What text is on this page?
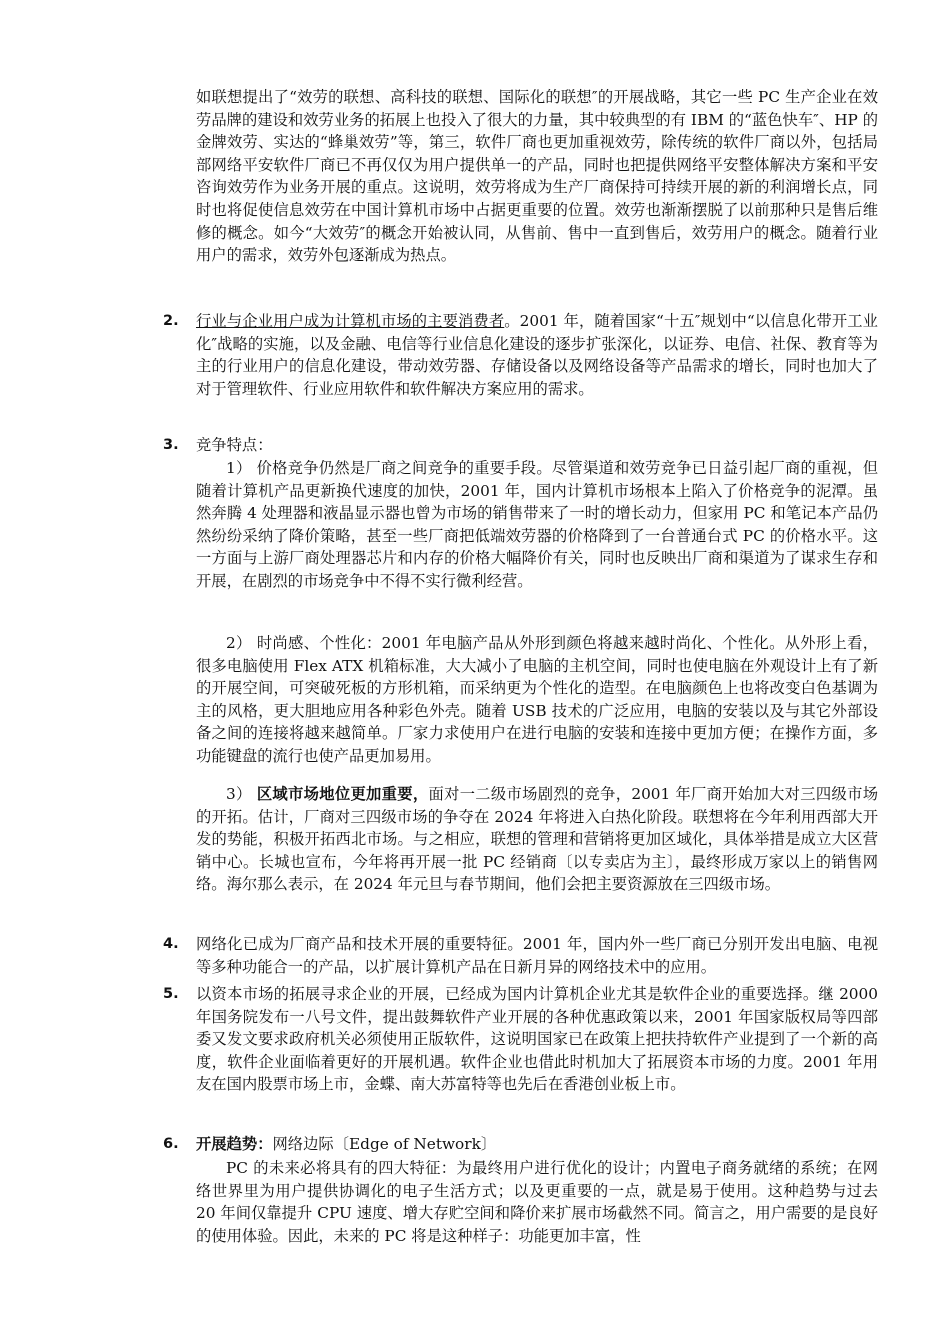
如联想提出了“效劳的联想、高科技的联想、国际化的联想″的开展战略，其它一些 PC 生产企业在效劳品牌的建设和效劳业务的拓展上也投入了很大的力量，其中较典型的有 IBM 的“蓝色快车″、HP 的金牌效劳、实达的“蜂巢效劳”等，第三，软件厂商也更加重视效劳，除传统的软件厂商以外，包括局部网络平安软件厂商已不再仅仅为用户提供单一的产品，同时也把提供网络平安整体解决方案和平安咨询效劳作为业务开展的重点。这说明，效劳将成为生产厂商保持可持续开展的新的利润增长点，同时也将促使信息效劳在中国计算机市场中占据更重要的位置。效劳也渐渐摆脱了以前那种只是售后维修的概念。如今“大效劳″的概念开始被认同，从售前、售中一直到售后，效劳用户的概念。随着行业用户的需求，效劳外包逐渐成为热点。

2. 行业与企业用户成为计算机市场的主要消费者。2001 年，随着国家“十五″规划中“以信息化带开工业化″战略的实施，以及金融、电信等行业信息化建设的逐步扩张深化，以证券、电信、社保、教育等为主的行业用户的信息化建设，带动效劳器、存储设备以及网络设备等产品需求的增长，同时也加大了对于管理软件、行业应用软件和软件解决方案应用的需求。

3. 竞争特点：

1） 价格竞争仍然是厂商之间竞争的重要手段。尽管渠道和效劳竞争已日益引起厂商的重视，但随着计算机产品更新换代速度的加快，2001 年，国内计算机市场根本上陷入了价格竞争的泥潭。虽然奔腾 4 处理器和液晶显示器也曾为市场的销售带来了一时的增长动力，但家用 PC 和笔记本产品仍然纷纷采纳了降价策略，甚至一些厂商把低端效劳器的价格降到了一台普通台式 PC 的价格水平。这一方面与上游厂商处理器芯片和内存的价格大幅降价有关，同时也反映出厂商和渠道为了谋求生存和开展，在剧烈的市场竞争中不得不实行微利经营。

2） 时尚感、个性化：2001 年电脑产品从外形到颜色将越来越时尚化、个性化。从外形上看，很多电脑使用 Flex ATX 机箱标准，大大减小了电脑的主机空间，同时也使电脑在外观设计上有了新的开展空间，可突破死板的方形机箱，而采纳更为个性化的造型。在电脑颜色上也将改变白色基调为主的风格，更大胆地应用各种彩色外壳。随着 USB 技术的广泛应用，电脑的安装以及与其它外部设备之间的连接将越来越简单。厂家力求使用户在进行电脑的安装和连接中更加方便；在操作方面，多功能键盘的流行也使产品更加易用。

3） 区域市场地位更加重要，面对一二级市场剧烈的竞争，2001 年厂商开始加大对三四级市场的开拓。估计，厂商对三四级市场的争夺在 2024 年将进入白热化阶段。联想将在今年利用西部大开发的势能，积极开拓西北市场。与之相应，联想的管理和营销将更加区域化，具体举措是成立大区营销中心。长城也宣布，今年将再开展一批 PC 经销商〔以专卖店为主〕，最终形成万家以上的销售网络。海尔那么表示，在 2024 年元旦与春节期间，他们会把主要资源放在三四级市场。

4. 网络化已成为厂商产品和技术开展的重要特征。2001 年，国内外一些厂商已分别开发出电脑、电视等多种功能合一的产品，以扩展计算机产品在日新月异的网络技术中的应用。

5. 以资本市场的拓展寻求企业的开展，已经成为国内计算机企业尤其是软件企业的重要选择。继 2000 年国务院发布一八号文件，提出鼓舞软件产业开展的各种优惠政策以来，2001 年国家版权局等四部委又发文要求政府机关必须使用正版软件，这说明国家已在政策上把扶持软件产业提到了一个新的高度，软件企业面临着更好的开展机遇。软件企业也借此时机加大了拓展资本市场的力度。2001 年用友在国内股票市场上市，金蝶、南大苏富特等也先后在香港创业板上市。

6. 开展趋势：网络边际〔Edge of Network〕

PC 的未来必将具有的四大特征：为最终用户进行优化的设计；内置电子商务就绪的系统；在网络世界里为用户提供协调化的电子生活方式；以及更重要的一点，就是易于使用。这种趋势与过去 20 年间仅靠提升 CPU 速度、增大存贮空间和降价来扩展市场截然不同。简言之，用户需要的是良好的使用体验。因此，未来的 PC 将是这种样子：功能更加丰富，性
